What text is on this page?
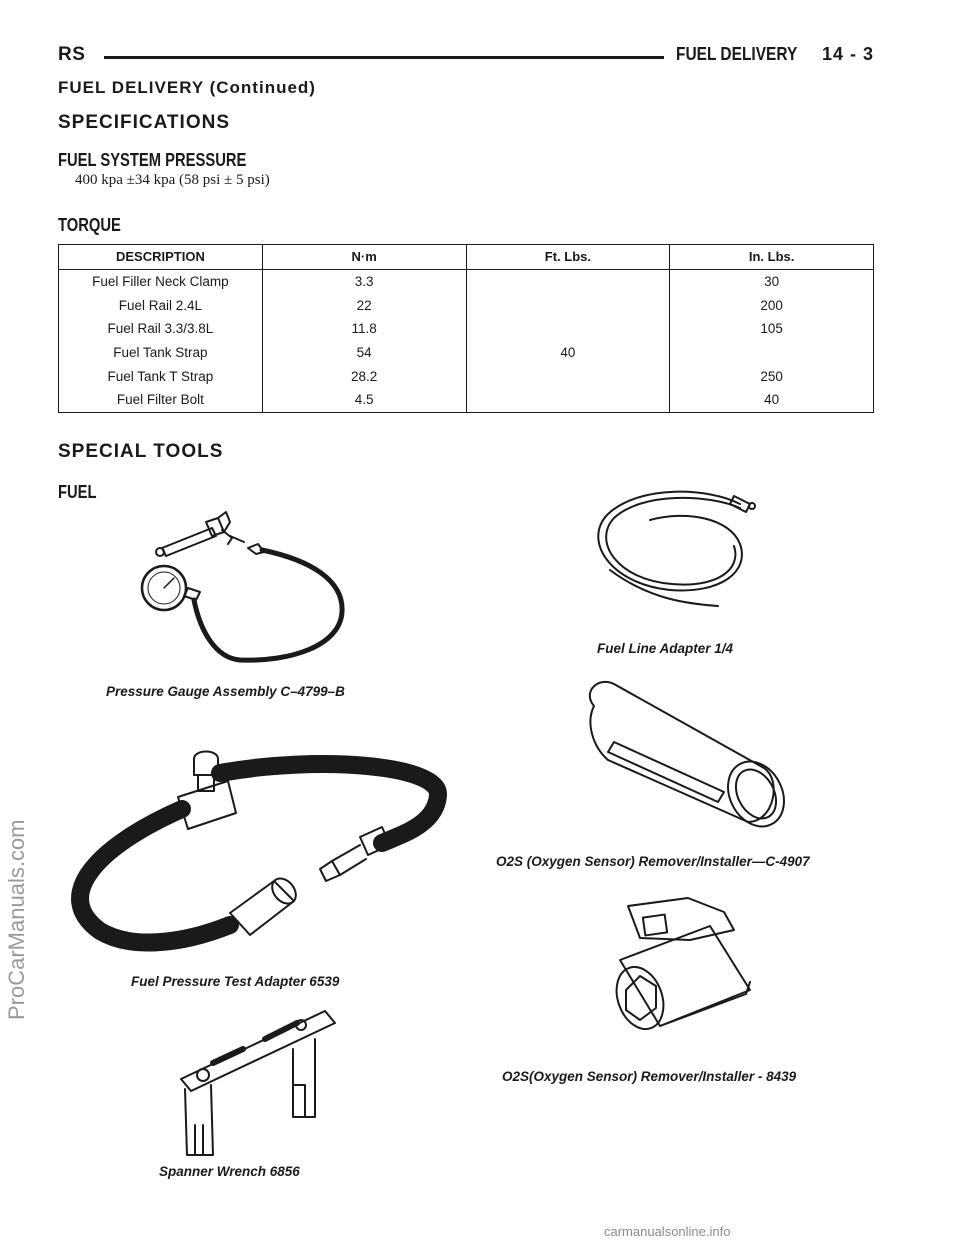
RS	FUEL DELIVERY 14 - 3
FUEL DELIVERY (Continued)
SPECIFICATIONS
FUEL SYSTEM PRESSURE
400 kpa ±34 kpa (58 psi ± 5 psi)
TORQUE
DESCRIPTION	N·m	Ft. Lbs.	In. Lbs.
Fuel Filler Neck Clamp	3.3		30
Fuel Rail 2.4L	22		200
Fuel Rail 3.3/3.8L	11.8		105
Fuel Tank Strap	54	40	
Fuel Tank T Strap	28.2		250
Fuel Filter Bolt	4.5		40
SPECIAL TOOLS
FUEL
Pressure Gauge Assembly C–4799–B
Fuel Line Adapter 1/4
Fuel Pressure Test Adapter 6539
O2S (Oxygen Sensor) Remover/Installer—C-4907
O2S(Oxygen Sensor) Remover/Installer - 8439
Spanner Wrench 6856
ProCarManuals.com
carmanualsonline.info
